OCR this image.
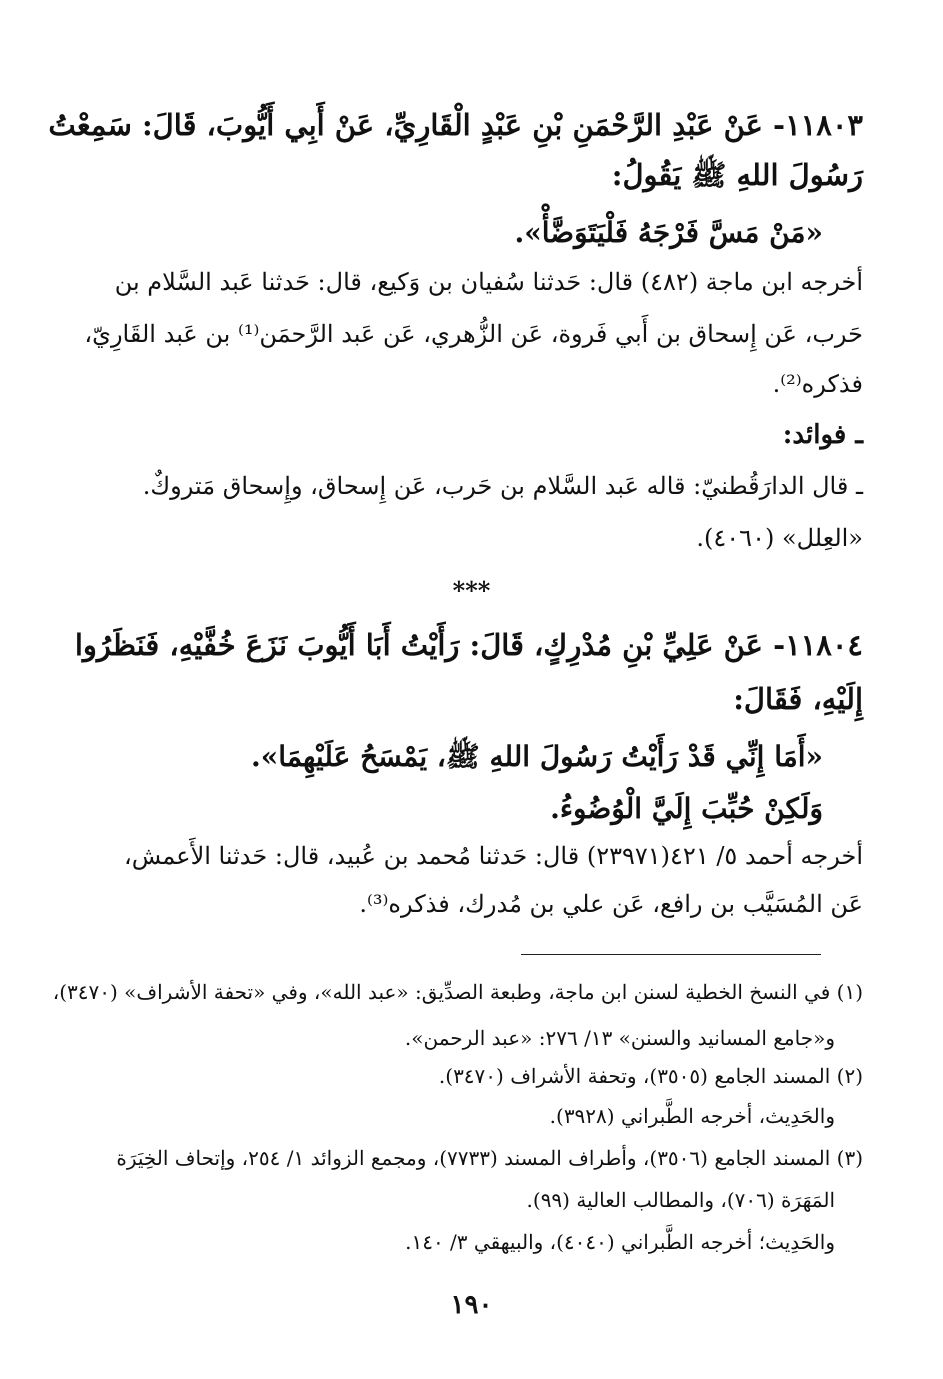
١١٨٠٣- عَنْ عَبْدِ الرَّحْمَنِ بْنِ عَبْدٍ الْقَارِيِّ، عَنْ أَبِي أَيُّوبَ، قَالَ: سَمِعْتُ
رَسُولَ اللهِ ﷺ يَقُولُ:
«مَنْ مَسَّ فَرْجَهُ فَلْيَتَوَضَّأْ».
أخرجه ابن ماجة (٤٨٢) قال: حَدثنا سُفيان بن وَكيع، قال: حَدثنا عَبد السَّلام بن
حَرب، عَن إِسحاق بن أَبي فَروة، عَن الزُّهري، عَن عَبد الرَّحمَن⁽¹⁾ بن عَبد القَارِيّ،
فذكره⁽²⁾.
ـ فوائد:
ـ قال الدارَقُطنيّ: قاله عَبد السَّلام بن حَرب، عَن إِسحاق، وإِسحاق مَتروكٌ.
«العِلل» (٤٠٦٠).
***
١١٨٠٤- عَنْ عَلِيِّ بْنِ مُدْرِكٍ، قَالَ: رَأَيْتُ أَبَا أَيُّوبَ نَزَعَ خُفَّيْهِ، فَنَظَرُوا
إِلَيْهِ، فَقَالَ:
«أَمَا إِنِّي قَدْ رَأَيْتُ رَسُولَ اللهِ ﷺ، يَمْسَحُ عَلَيْهِمَا».
وَلَكِنْ حُبِّبَ إِلَيَّ الْوُضُوءُ.
أخرجه أحمد ٥/ ٤٢١(٢٣٩٧١) قال: حَدثنا مُحمد بن عُبيد، قال: حَدثنا الأَعمش،
عَن المُسَيَّب بن رافع، عَن علي بن مُدرك، فذكره⁽³⁾.
(١) في النسخ الخطية لسنن ابن ماجة، وطبعة الصدِّيق: «عبد الله»، وفي «تحفة الأشراف» (٣٤٧٠)،
و«جامع المسانيد والسنن» ١٣/ ٢٧٦: «عبد الرحمن».
(٢) المسند الجامع (٣٥٠٥)، وتحفة الأشراف (٣٤٧٠).
والحَدِيث، أخرجه الطَّبراني (٣٩٢٨).
(٣) المسند الجامع (٣٥٠٦)، وأطراف المسند (٧٧٣٣)، ومجمع الزوائد ١/ ٢٥٤، وإتحاف الخِيَرَة
المَهَرَة (٧٠٦)، والمطالب العالية (٩٩).
والحَدِيث؛ أخرجه الطَّبراني (٤٠٤٠)، والبيهقي ٣/ ١٤٠.
١٩٠
